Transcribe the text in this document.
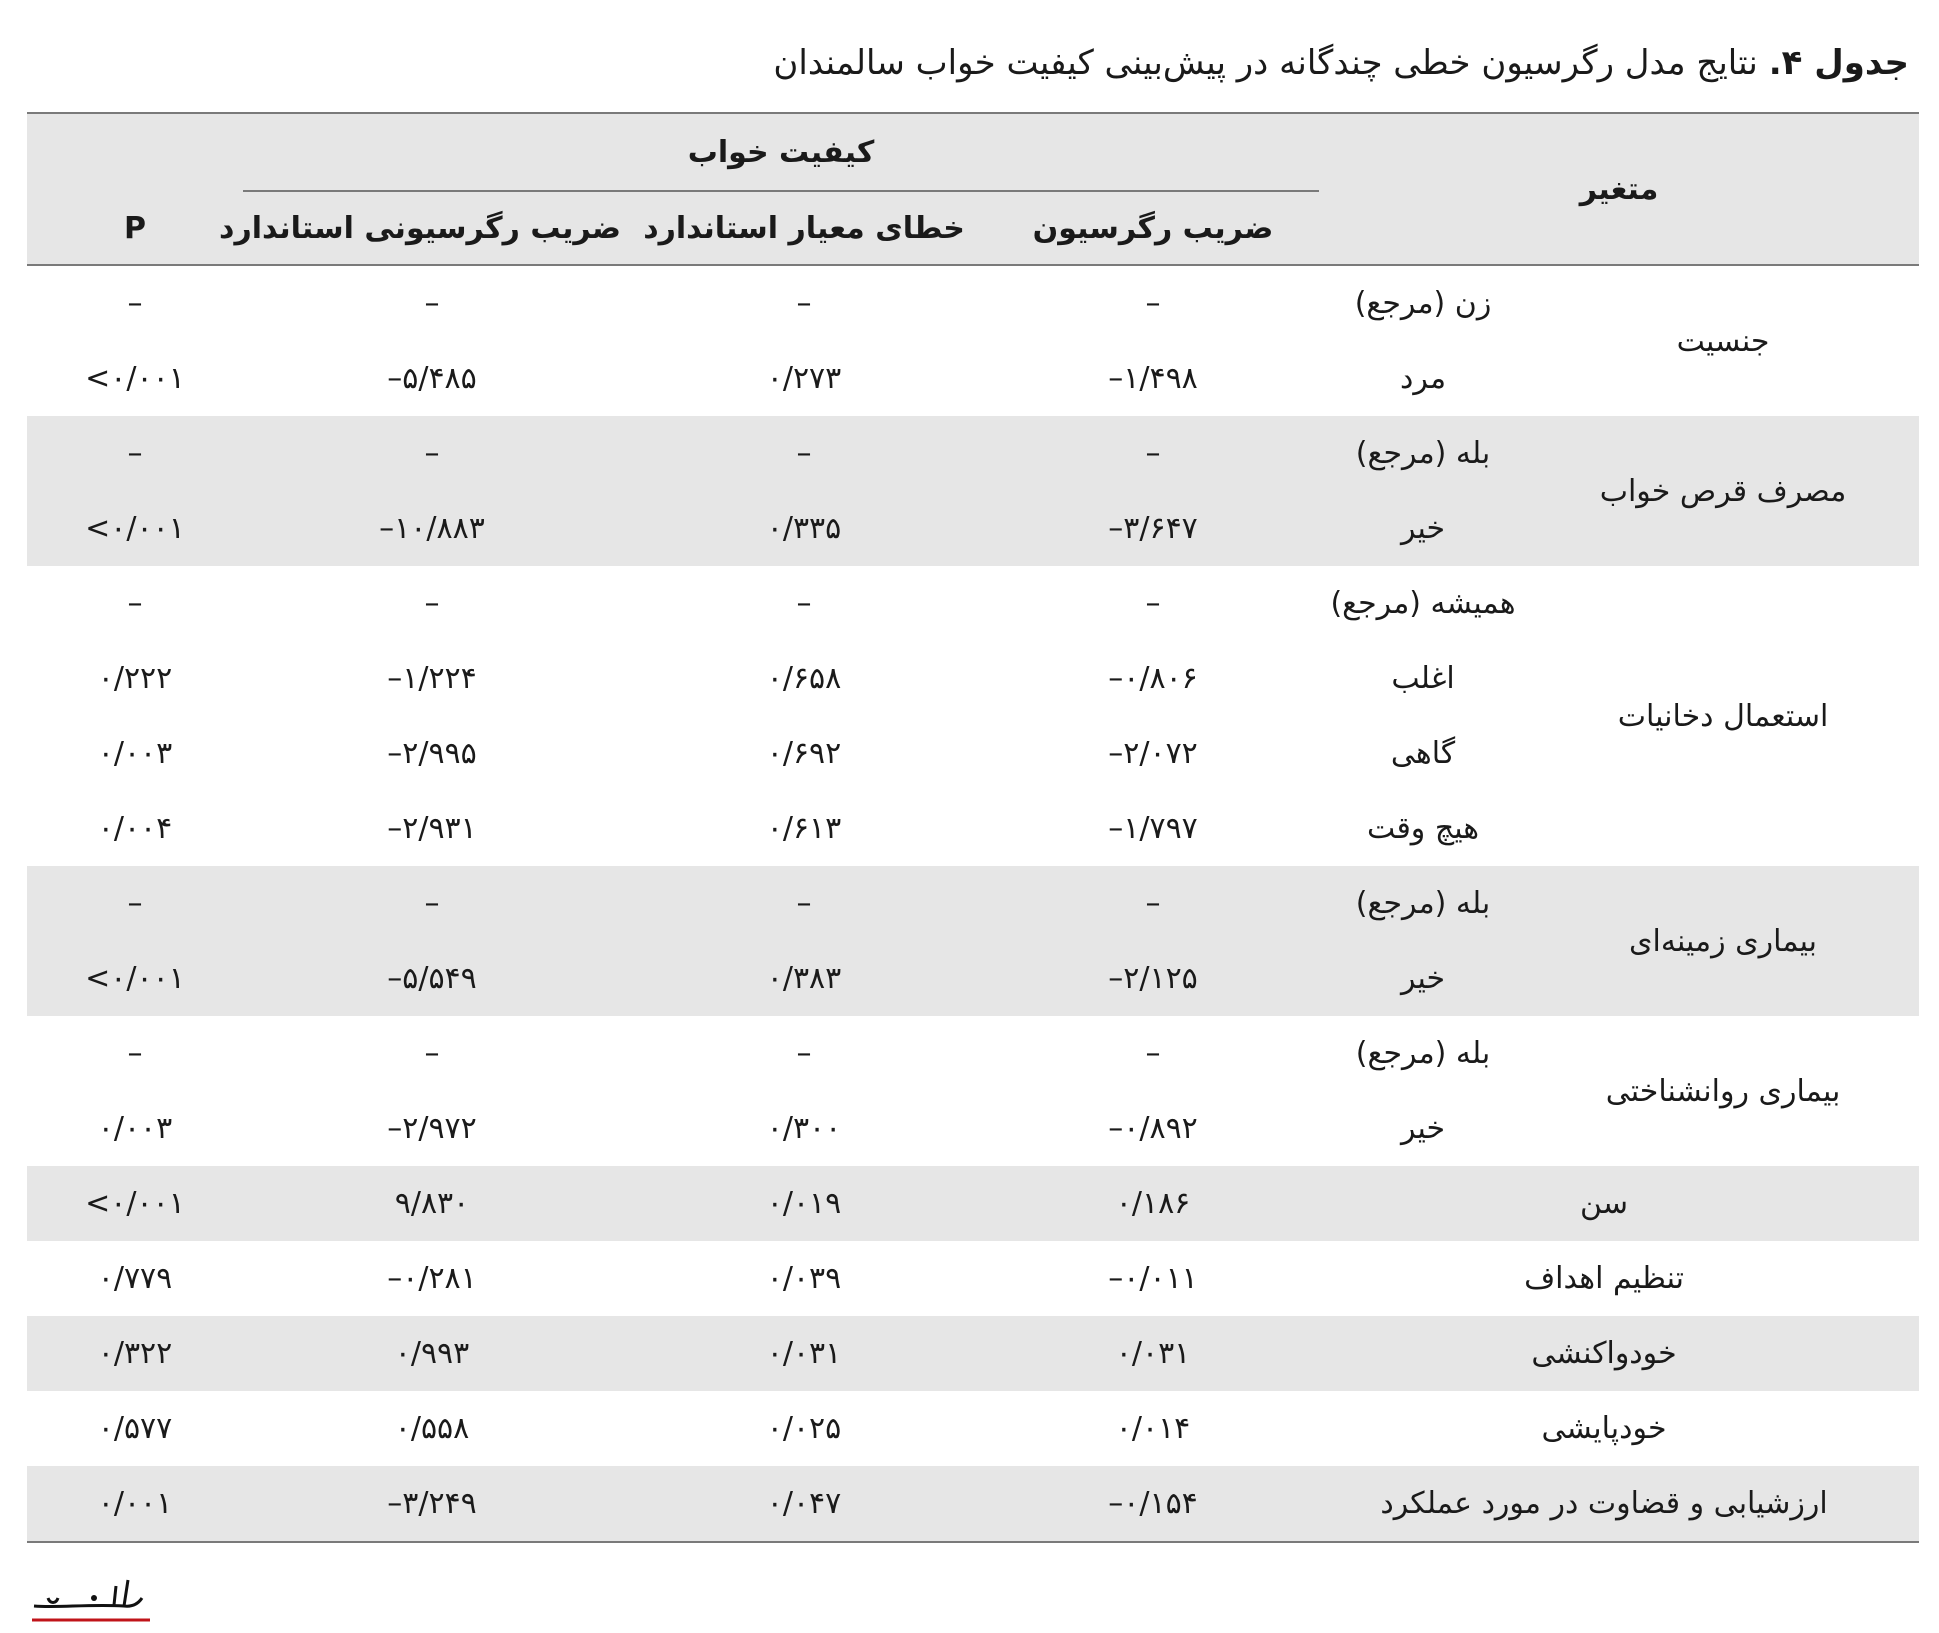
جدول ۴. نتایج مدل رگرسیون خطی چندگانه در پیش‌بینی کیفیت خواب سالمندان
P	کیفیت خواب			متغیر	
	ضریب رگرسیونی استاندارد	خطای معیار استاندارد	ضریب رگرسیون		
–	–	–	–	زن (مرجع)	جنسیت
<۰/۰۰۱	–۵/۴۸۵	۰/۲۷۳	–۱/۴۹۸	مرد	
–	–	–	–	بله (مرجع)	مصرف قرص خواب
<۰/۰۰۱	–۱۰/۸۸۳	۰/۳۳۵	–۳/۶۴۷	خیر	
–	–	–	–	همیشه (مرجع)	استعمال دخانیات
۰/۲۲۲	–۱/۲۲۴	۰/۶۵۸	–۰/۸۰۶	اغلب	
۰/۰۰۳	–۲/۹۹۵	۰/۶۹۲	–۲/۰۷۲	گاهی	
۰/۰۰۴	–۲/۹۳۱	۰/۶۱۳	–۱/۷۹۷	هیچ وقت	
–	–	–	–	بله (مرجع)	بیماری زمینه‌ای
<۰/۰۰۱	–۵/۵۴۹	۰/۳۸۳	–۲/۱۲۵	خیر	
–	–	–	–	بله (مرجع)	بیماری روانشناختی
۰/۰۰۳	–۲/۹۷۲	۰/۳۰۰	–۰/۸۹۲	خیر	
<۰/۰۰۱	۹/۸۳۰	۰/۰۱۹	۰/۱۸۶	سن	
۰/۷۷۹	–۰/۲۸۱	۰/۰۳۹	–۰/۰۱۱	تنظیم اهداف	
۰/۳۲۲	۰/۹۹۳	۰/۰۳۱	۰/۰۳۱	خودواکنشی	
۰/۵۷۷	۰/۵۵۸	۰/۰۲۵	۰/۰۱۴	خودپایشی	
۰/۰۰۱	–۳/۲۴۹	۰/۰۴۷	–۰/۱۵۴	ارزشیابی و قضاوت در مورد عملکرد	
